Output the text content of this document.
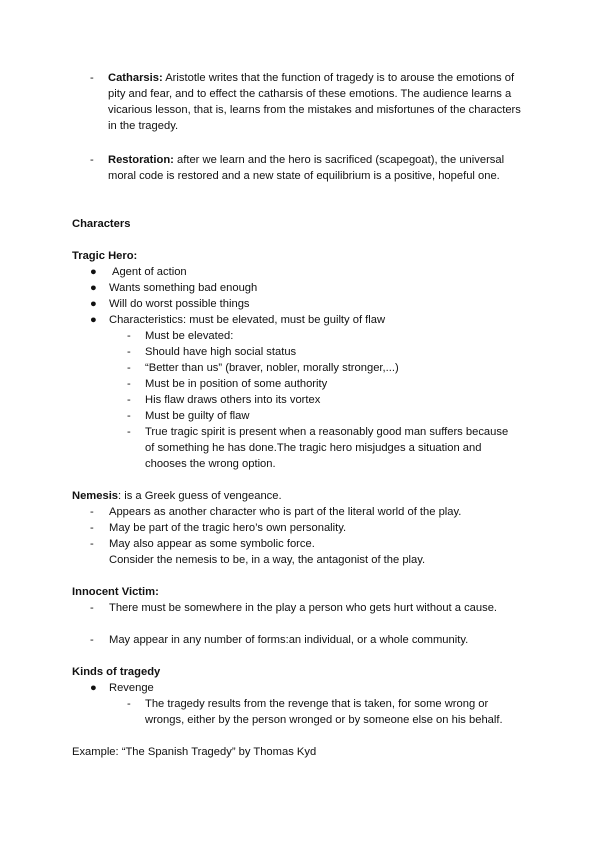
- Catharsis: Aristotle writes that the function of tragedy is to arouse the emotions of pity and fear, and to effect the catharsis of these emotions. The audience learns a vicarious lesson, that is, learns from the mistakes and misfortunes of the characters in the tragedy.

- Restoration: after we learn and the hero is sacrificed (scapegoat), the universal moral code is restored and a new state of equilibrium is a positive, hopeful one.

Characters
Tragic Hero:
● Agent of action
● Wants something bad enough
● Will do worst possible things
● Characteristics: must be elevated, must be guilty of flaw
- Must be elevated:
- Should have high social status
- “Better than us” (braver, nobler, morally stronger,...)
- Must be in position of some authority
- His flaw draws others into its vortex
- Must be guilty of flaw
- True tragic spirit is present when a reasonably good man suffers because of something he has done.The tragic hero misjudges a situation and chooses the wrong option.

Nemesis: is a Greek guess of vengeance.
- Appears as another character who is part of the literal world of the play.
- May be part of the tragic hero’s own personality.
- May also appear as some symbolic force.
Consider the nemesis to be, in a way, the antagonist of the play.
Innocent Victim:
- There must be somewhere in the play a person who gets hurt without a cause.

- May appear in any number of forms:an individual, or a whole community.
Kinds of tragedy
● Revenge
- The tragedy results from the revenge that is taken, for some wrong or wrongs, either by the person wronged or by someone else on his behalf.

Example: “The Spanish Tragedy” by Thomas Kyd
